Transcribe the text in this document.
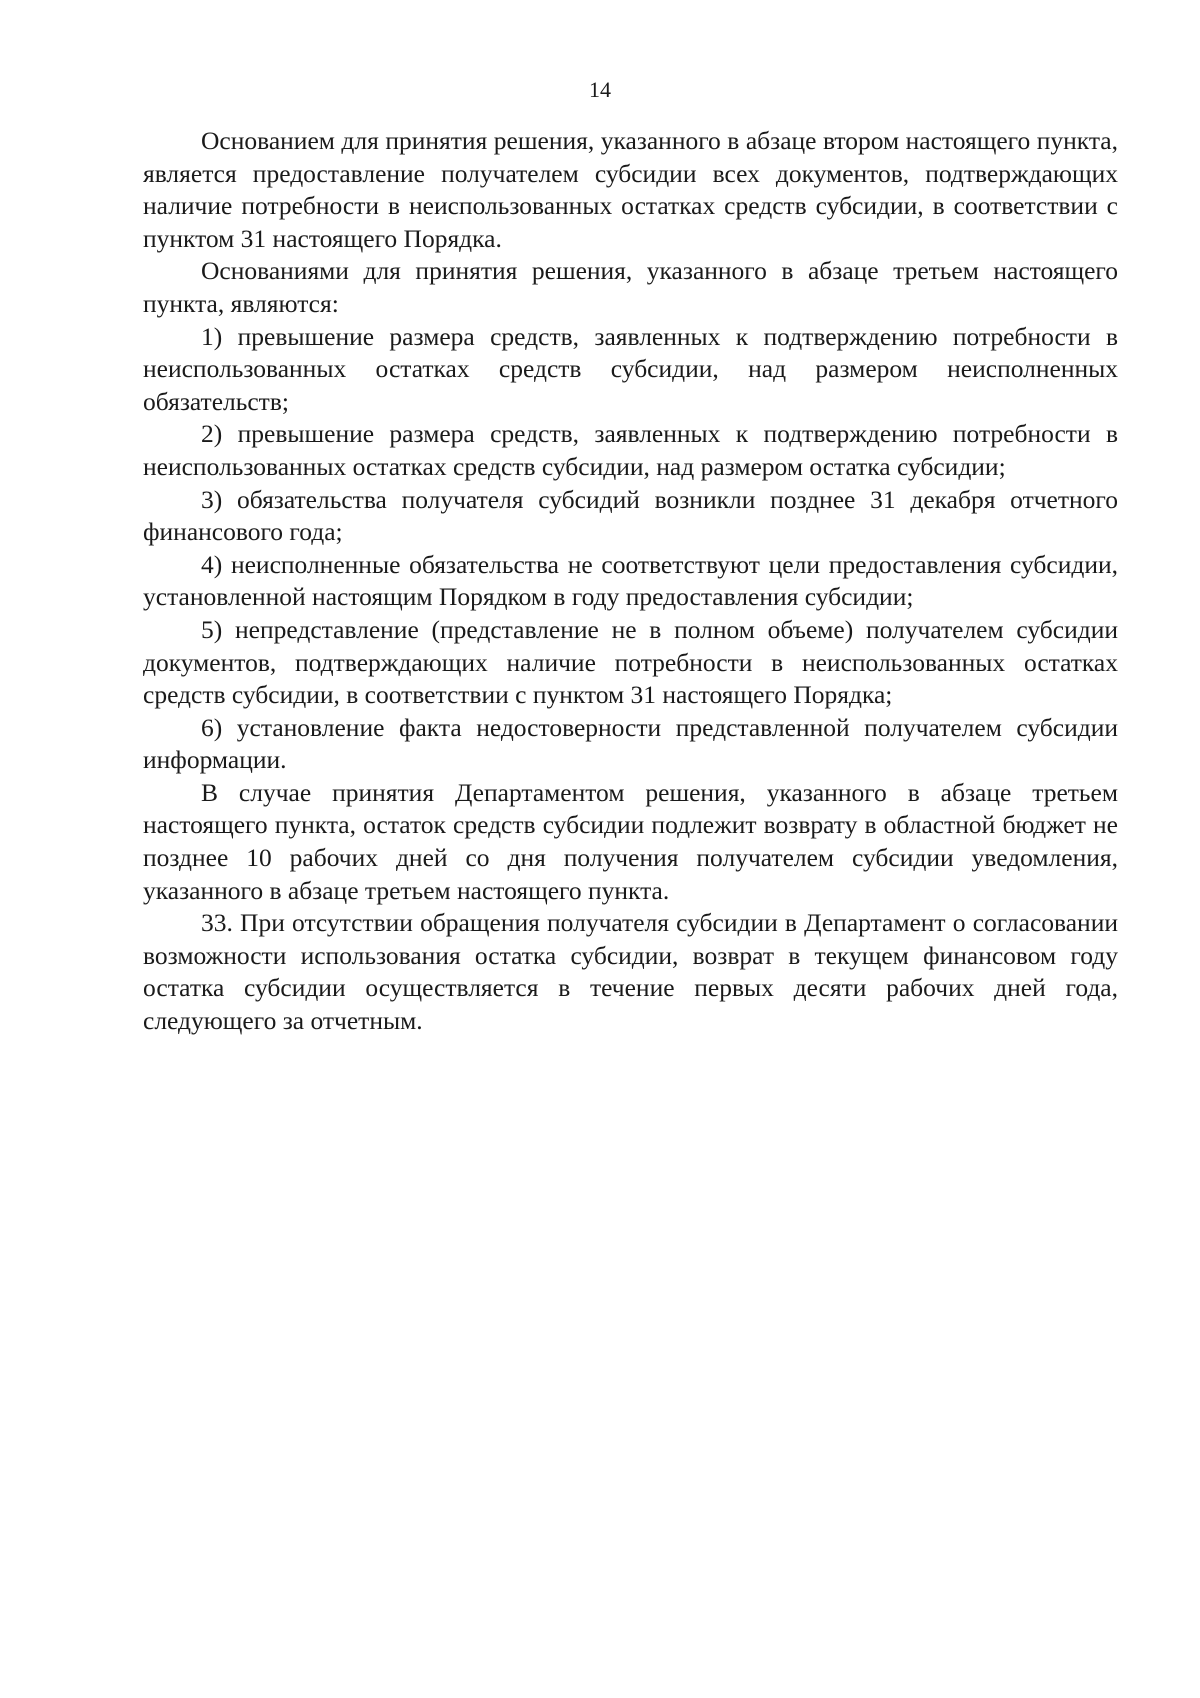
14

Основанием для принятия решения, указанного в абзаце втором настоящего пункта, является предоставление получателем субсидии всех документов, подтверждающих наличие потребности в неиспользованных остатках средств субсидии, в соответствии с пунктом 31 настоящего Порядка.

Основаниями для принятия решения, указанного в абзаце третьем настоящего пункта, являются:

1) превышение размера средств, заявленных к подтверждению потребности в неиспользованных остатках средств субсидии, над размером неисполненных обязательств;

2) превышение размера средств, заявленных к подтверждению потребности в неиспользованных остатках средств субсидии, над размером остатка субсидии;

3) обязательства получателя субсидий возникли позднее 31 декабря отчетного финансового года;

4) неисполненные обязательства не соответствуют цели предоставления субсидии, установленной настоящим Порядком в году предоставления субсидии;

5) непредставление (представление не в полном объеме) получателем субсидии документов, подтверждающих наличие потребности в неиспользованных остатках средств субсидии, в соответствии с пунктом 31 настоящего Порядка;

6) установление факта недостоверности представленной получателем субсидии информации.

В случае принятия Департаментом решения, указанного в абзаце третьем настоящего пункта, остаток средств субсидии подлежит возврату в областной бюджет не позднее 10 рабочих дней со дня получения получателем субсидии уведомления, указанного в абзаце третьем настоящего пункта.

33. При отсутствии обращения получателя субсидии в Департамент о согласовании возможности использования остатка субсидии, возврат в текущем финансовом году остатка субсидии осуществляется в течение первых десяти рабочих дней года, следующего за отчетным.
